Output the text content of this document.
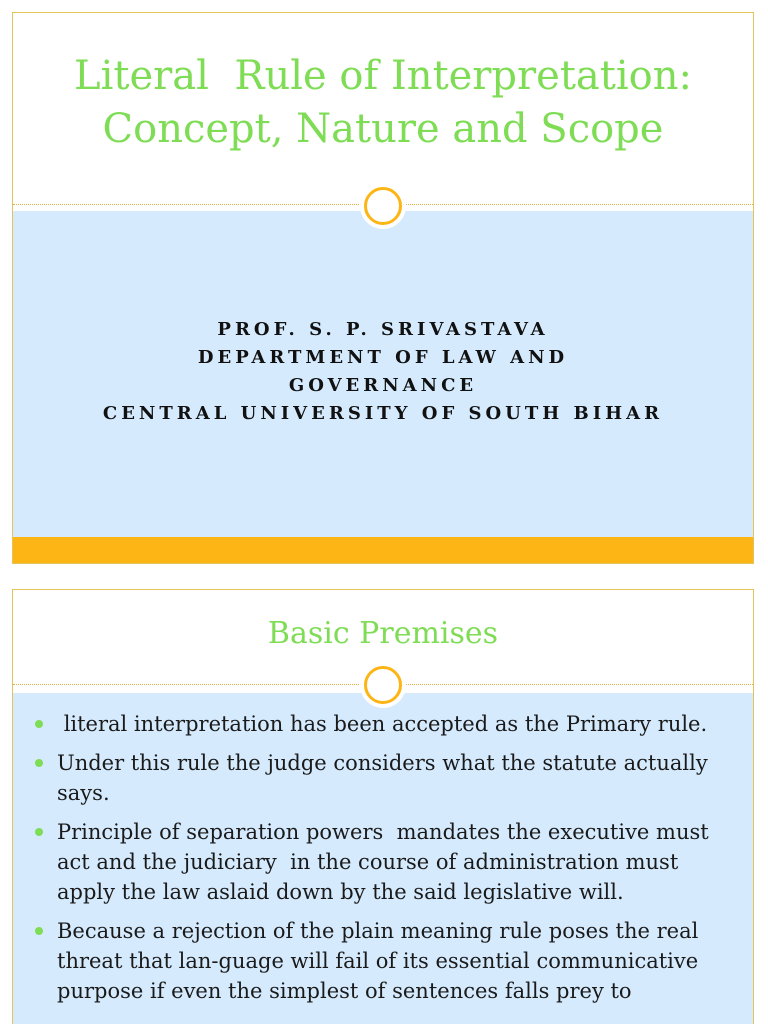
Literal  Rule of Interpretation:
Concept, Nature and Scope
PROF. S. P. SRIVASTAVA
DEPARTMENT OF LAW AND
GOVERNANCE
CENTRAL UNIVERSITY OF SOUTH BIHAR
Basic Premises
literal interpretation has been accepted as the Primary rule.
Under this rule the judge considers what the statute actually says.
Principle of separation powers  mandates the executive must act and the judiciary  in the course of administration must apply the law aslaid down by the said legislative will.
Because a rejection of the plain meaning rule poses the real threat that lan-guage will fail of its essential communicative purpose if even the simplest of sentences falls prey to
